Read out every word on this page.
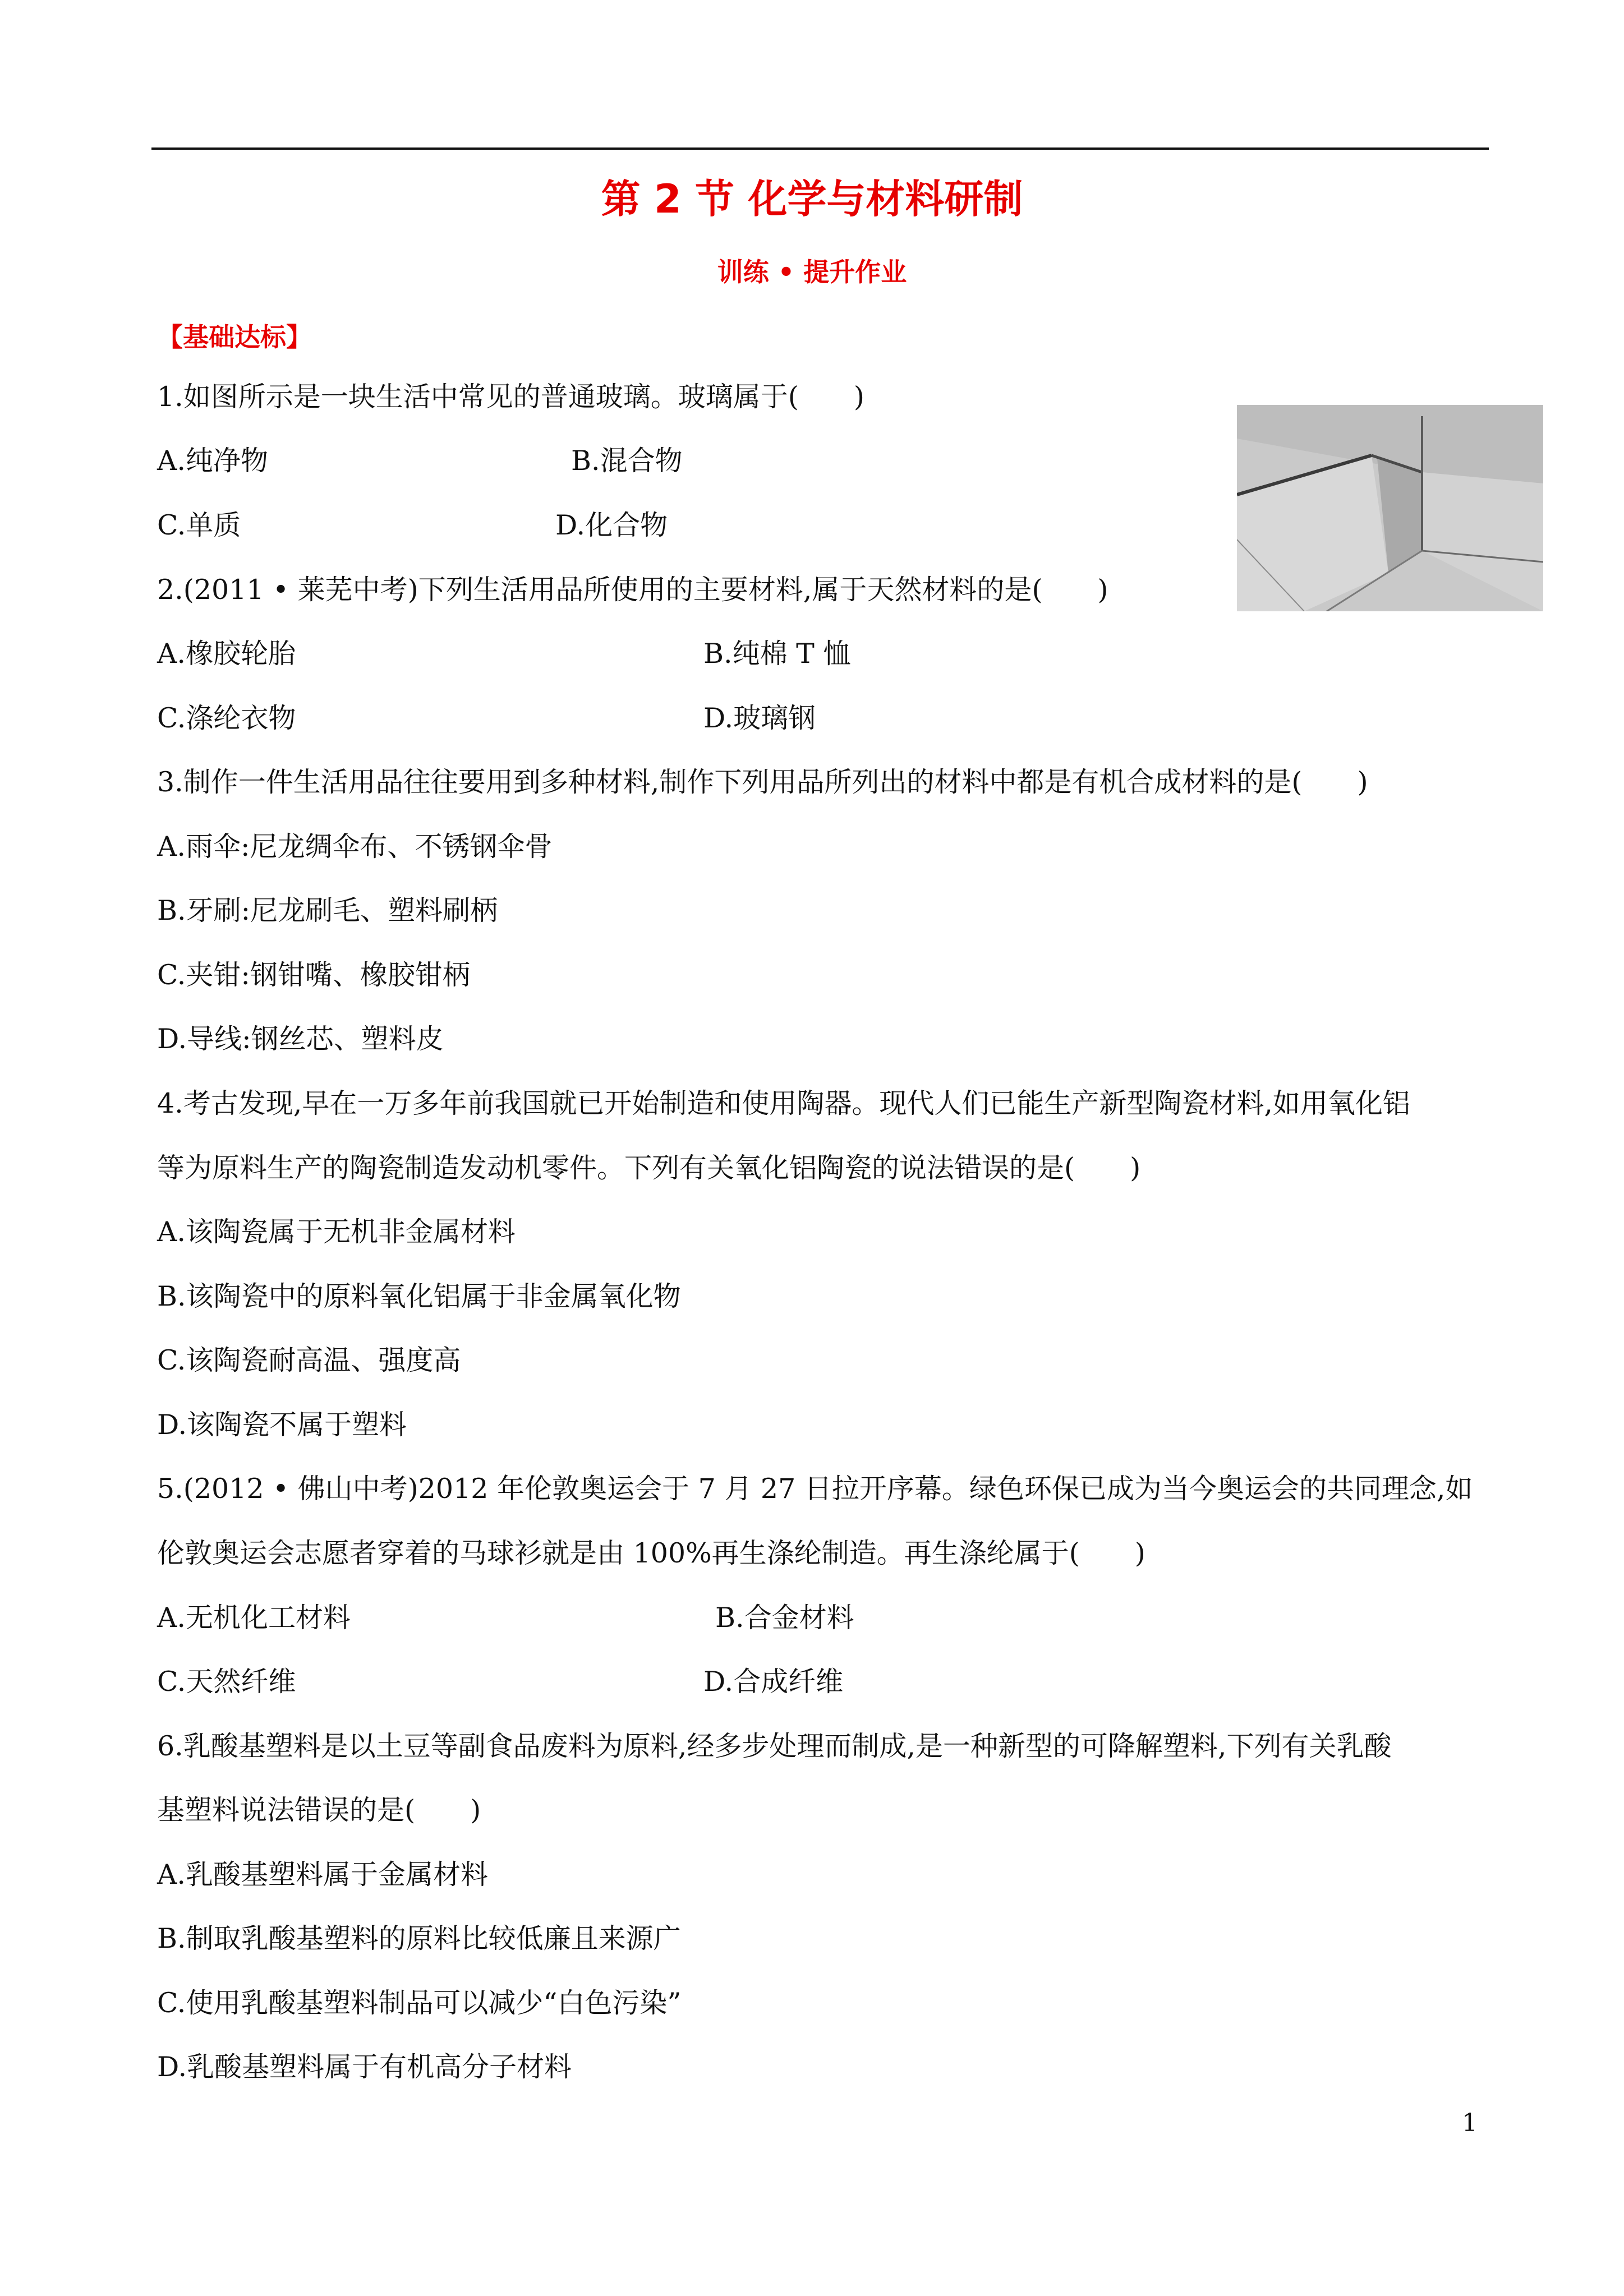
第 2 节 化学与材料研制
训练 • 提升作业
【基础达标】
1.如图所示是一块生活中常见的普通玻璃。玻璃属于(　　)
A.纯净物	B.混合物
C.单质	D.化合物
2.(2011 • 莱芜中考)下列生活用品所使用的主要材料,属于天然材料的是(　　)
A.橡胶轮胎	B.纯棉 T 恤
C.涤纶衣物	D.玻璃钢
3.制作一件生活用品往往要用到多种材料,制作下列用品所列出的材料中都是有机合成材料的是(　　)
A.雨伞:尼龙绸伞布、不锈钢伞骨
B.牙刷:尼龙刷毛、塑料刷柄
C.夹钳:钢钳嘴、橡胶钳柄
D.导线:钢丝芯、塑料皮
4.考古发现,早在一万多年前我国就已开始制造和使用陶器。现代人们已能生产新型陶瓷材料,如用氧化铝
等为原料生产的陶瓷制造发动机零件。下列有关氧化铝陶瓷的说法错误的是(　　)
A.该陶瓷属于无机非金属材料
B.该陶瓷中的原料氧化铝属于非金属氧化物
C.该陶瓷耐高温、强度高
D.该陶瓷不属于塑料
5.(2012 • 佛山中考)2012 年伦敦奥运会于 7 月 27 日拉开序幕。绿色环保已成为当今奥运会的共同理念,如
伦敦奥运会志愿者穿着的马球衫就是由 100%再生涤纶制造。再生涤纶属于(　　)
A.无机化工材料	B.合金材料
C.天然纤维	D.合成纤维
6.乳酸基塑料是以土豆等副食品废料为原料,经多步处理而制成,是一种新型的可降解塑料,下列有关乳酸
基塑料说法错误的是(　　)
A.乳酸基塑料属于金属材料
B.制取乳酸基塑料的原料比较低廉且来源广
C.使用乳酸基塑料制品可以减少“白色污染”
D.乳酸基塑料属于有机高分子材料
1
